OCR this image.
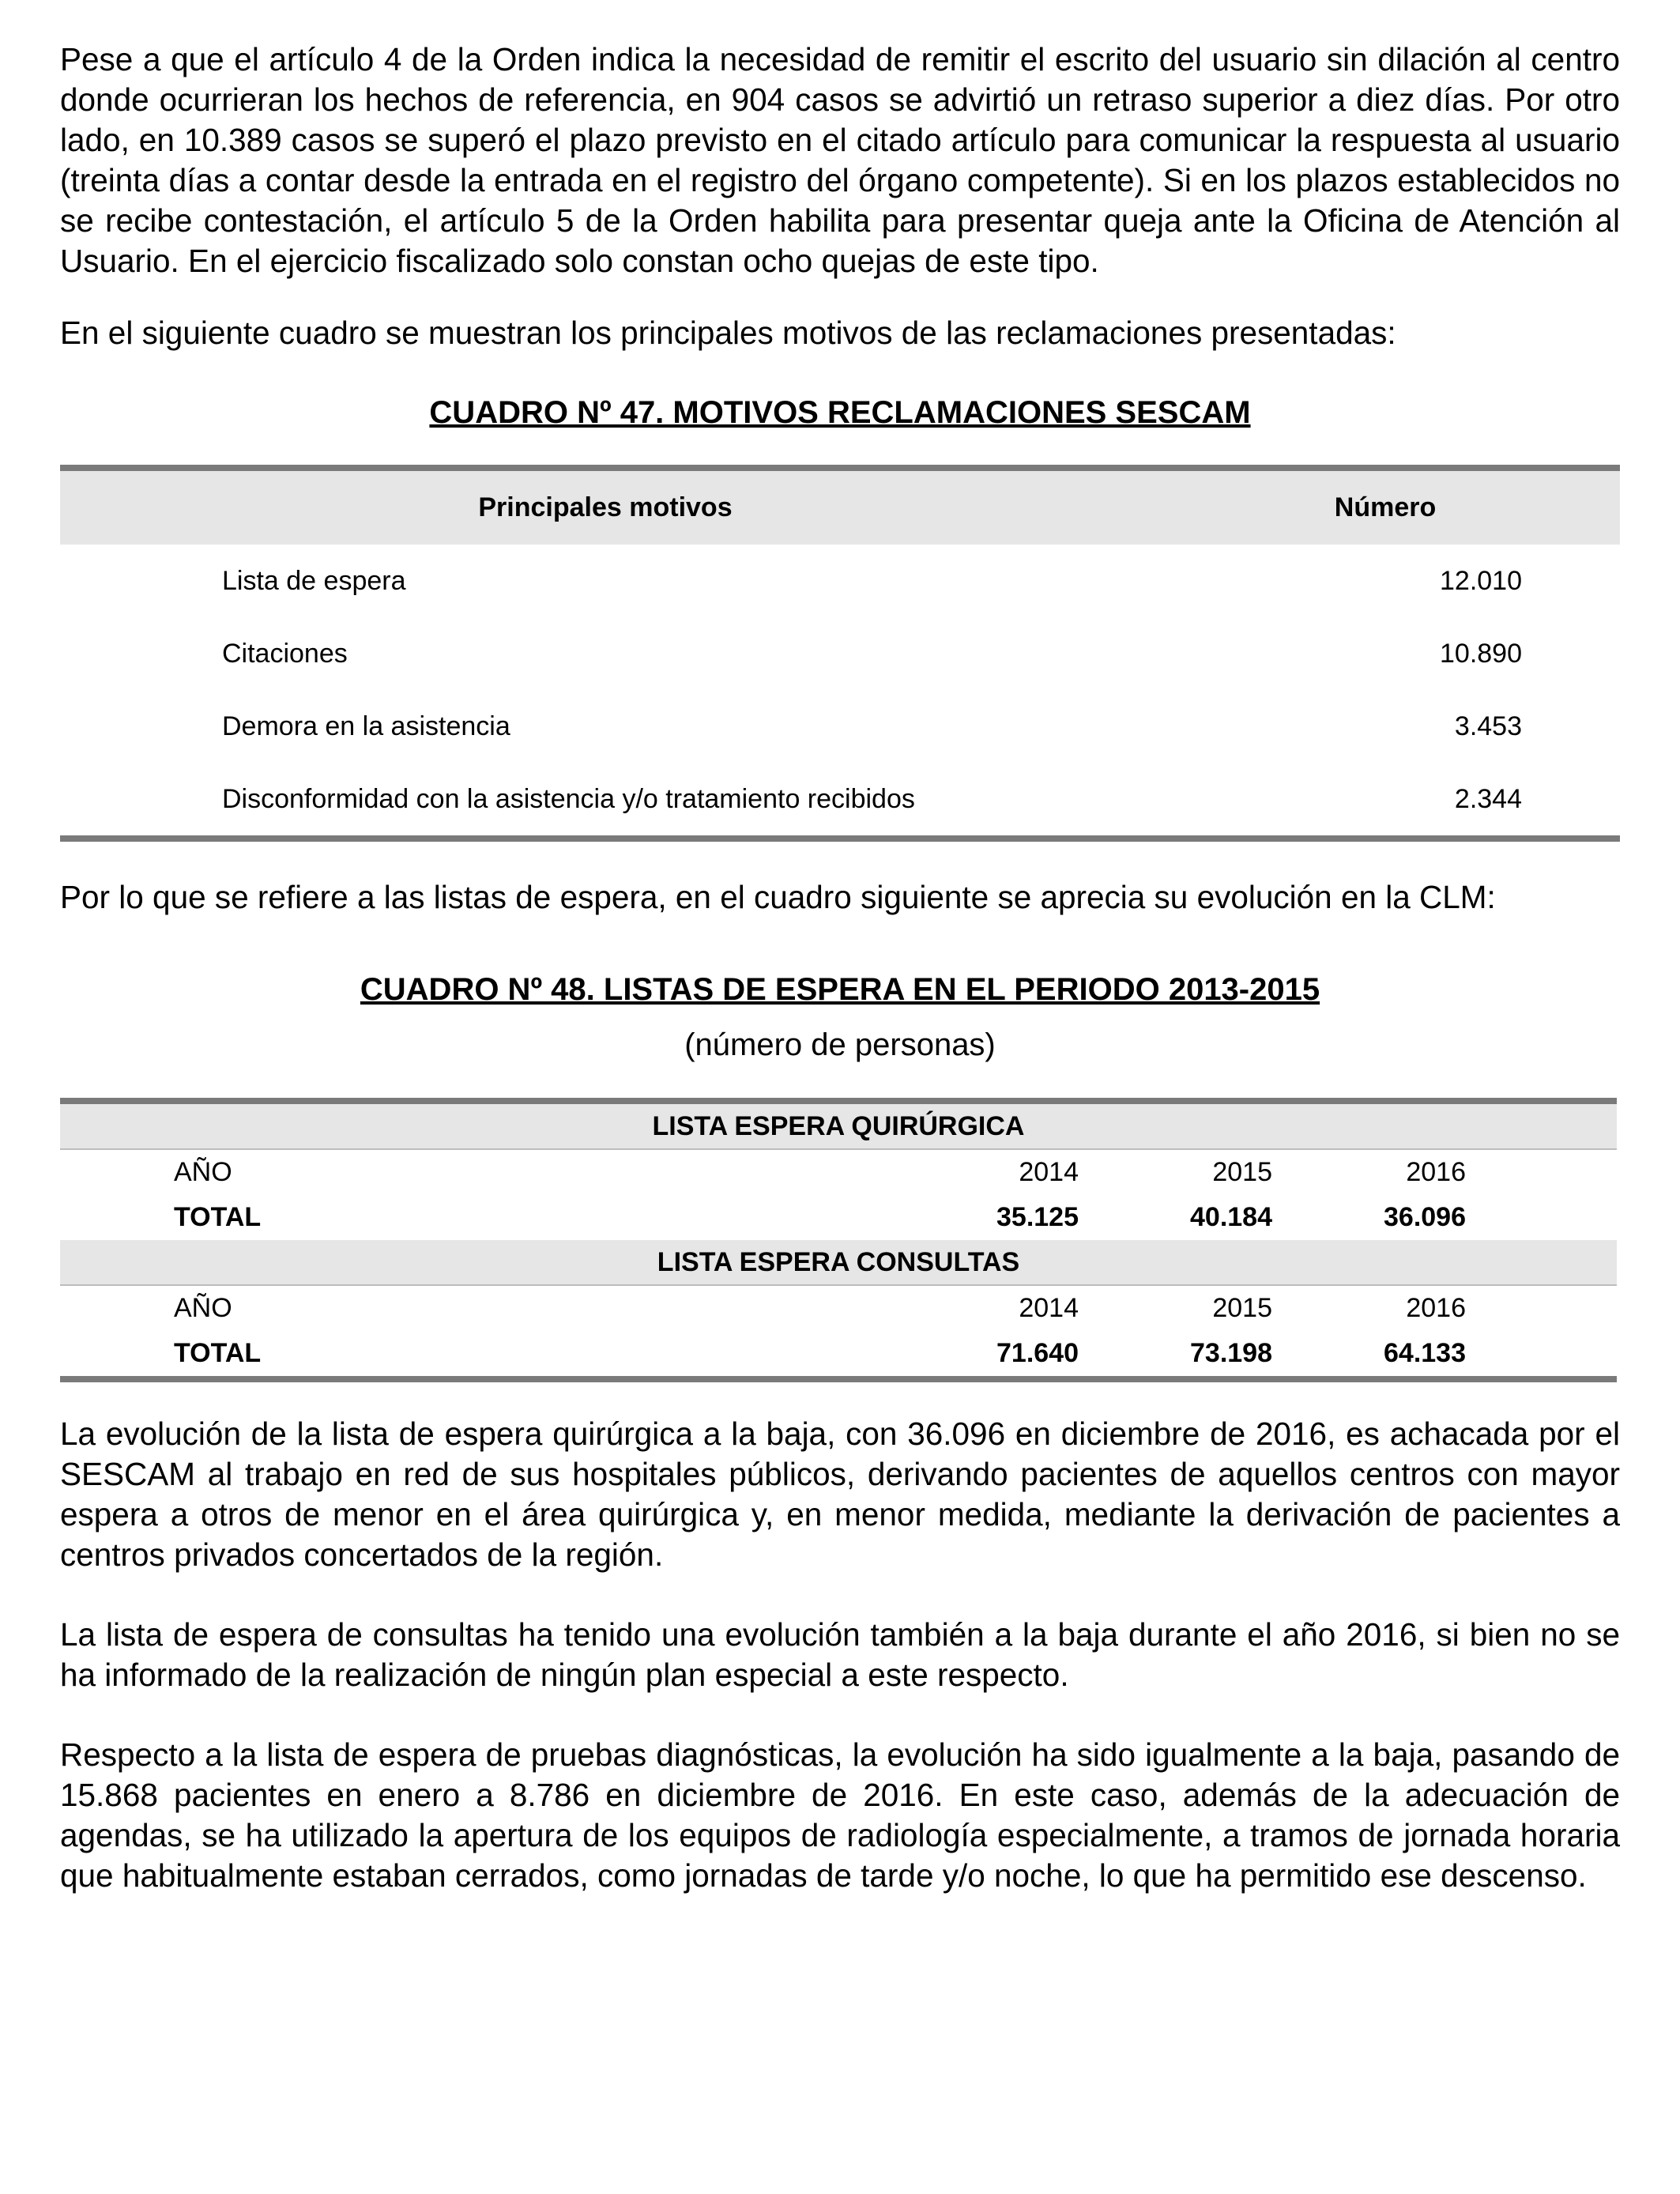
Pese a que el artículo 4 de la Orden indica la necesidad de remitir el escrito del usuario sin dilación al centro donde ocurrieran los hechos de referencia, en 904 casos se advirtió un retraso superior a diez días. Por otro lado, en 10.389 casos se superó el plazo previsto en el citado artículo para comunicar la respuesta al usuario (treinta días a contar desde la entrada en el registro del órgano competente). Si en los plazos establecidos no se recibe contestación, el artículo 5 de la Orden habilita para presentar queja ante la Oficina de Atención al Usuario. En el ejercicio fiscalizado solo constan ocho quejas de este tipo.

En el siguiente cuadro se muestran los principales motivos de las reclamaciones presentadas:

CUADRO Nº 47. MOTIVOS RECLAMACIONES SESCAM

Principales motivos	Número
Lista de espera	12.010
Citaciones	10.890
Demora en la asistencia	3.453
Disconformidad con la asistencia y/o tratamiento recibidos	2.344

Por lo que se refiere a las listas de espera, en el cuadro siguiente se aprecia su evolución en la CLM:

CUADRO Nº 48. LISTAS DE ESPERA EN EL PERIODO 2013-2015

(número de personas)

LISTA ESPERA QUIRÚRGICA
AÑO	2014	2015	2016
TOTAL	35.125	40.184	36.096
LISTA ESPERA CONSULTAS
AÑO	2014	2015	2016
TOTAL	71.640	73.198	64.133

La evolución de la lista de espera quirúrgica a la baja, con 36.096 en diciembre de 2016, es achacada por el SESCAM al trabajo en red de sus hospitales públicos, derivando pacientes de aquellos centros con mayor espera a otros de menor en el área quirúrgica y, en menor medida, mediante la derivación de pacientes a centros privados concertados de la región.

La lista de espera de consultas ha tenido una evolución también a la baja durante el año 2016, si bien no se ha informado de la realización de ningún plan especial a este respecto.

Respecto a la lista de espera de pruebas diagnósticas, la evolución ha sido igualmente a la baja, pasando de 15.868 pacientes en enero a 8.786 en diciembre de 2016. En este caso, además de la adecuación de agendas, se ha utilizado la apertura de los equipos de radiología especialmente, a tramos de jornada horaria que habitualmente estaban cerrados, como jornadas de tarde y/o noche, lo que ha permitido ese descenso.
